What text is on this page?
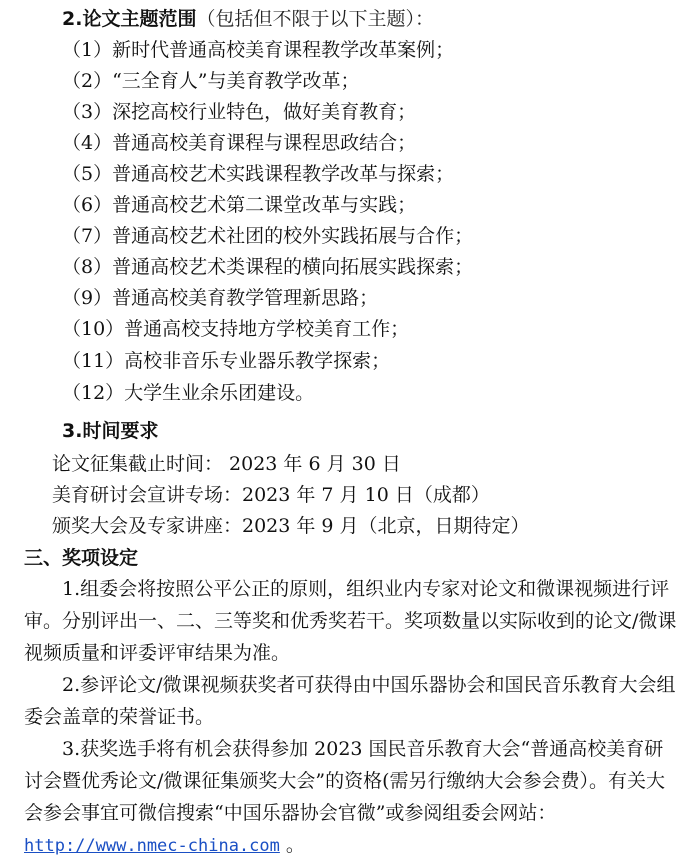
2.论文主题范围（包括但不限于以下主题）：
（1）新时代普通高校美育课程教学改革案例；
（2）“三全育人”与美育教学改革；
（3）深挖高校行业特色，做好美育教育；
（4）普通高校美育课程与课程思政结合；
（5）普通高校艺术实践课程教学改革与探索；
（6）普通高校艺术第二课堂改革与实践；
（7）普通高校艺术社团的校外实践拓展与合作；
（8）普通高校艺术类课程的横向拓展实践探索；
（9）普通高校美育教学管理新思路；
（10）普通高校支持地方学校美育工作；
（11）高校非音乐专业器乐教学探索；
（12）大学生业余乐团建设。
3.时间要求
论文征集截止时间： 2023 年 6 月 30 日
美育研讨会宣讲专场：2023 年 7 月 10 日（成都）
颁奖大会及专家讲座：2023 年 9 月（北京，日期待定）
三、奖项设定

1.组委会将按照公平公正的原则，组织业内专家对论文和微课视频进行评审。分别评出一、二、三等奖和优秀奖若干。奖项数量以实际收到的论文/微课视频质量和评委评审结果为准。

2.参评论文/微课视频获奖者可获得由中国乐器协会和国民音乐教育大会组委会盖章的荣誉证书。

3.获奖选手将有机会获得参加 2023 国民音乐教育大会“普通高校美育研讨会暨优秀论文/微课征集颁奖大会”的资格(需另行缴纳大会参会费）。有关大会参会事宜可微信搜索“中国乐器协会官微”或参阅组委会网站：http://www.nmec-china.com 。
